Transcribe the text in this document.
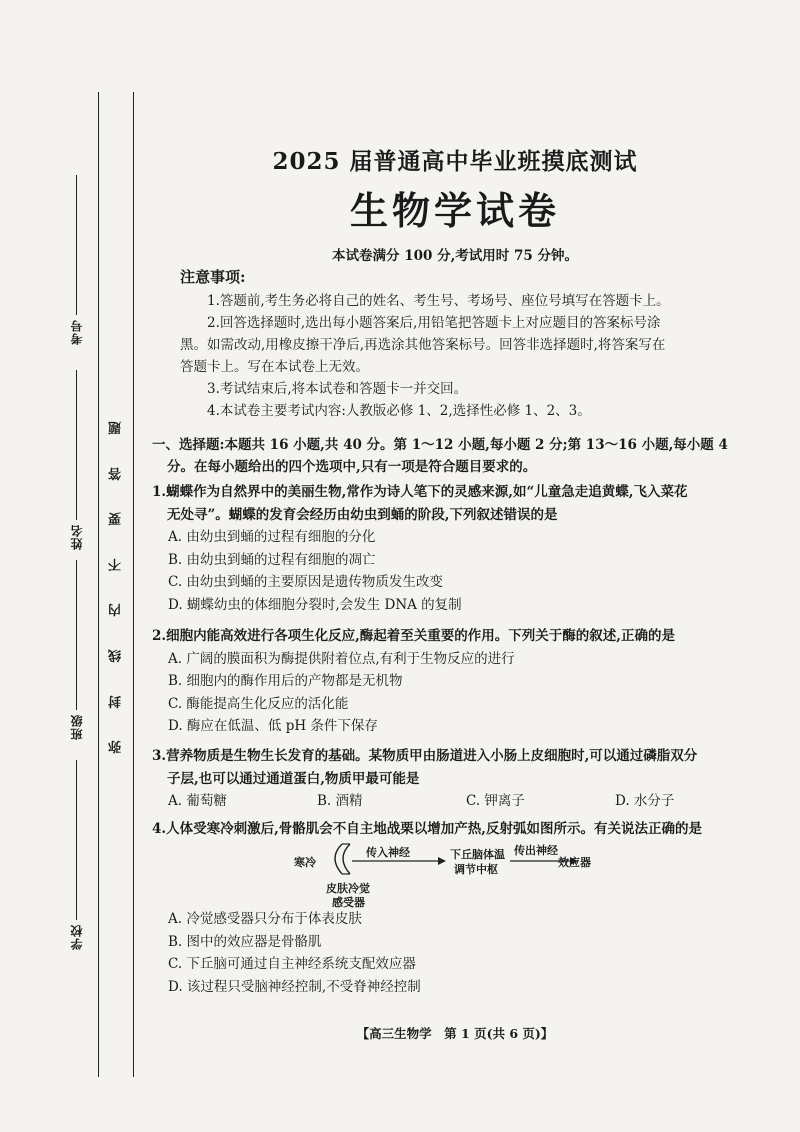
考号
姓名
班级
学校
题
答
要
不
内
线
封
弥
2025 届普通高中毕业班摸底测试
生物学试卷
本试卷满分 100 分,考试用时 75 分钟。
注意事项:

1.答题前,考生务必将自己的姓名、考生号、考场号、座位号填写在答题卡上。

2.回答选择题时,选出每小题答案后,用铅笔把答题卡上对应题目的答案标号涂

黑。如需改动,用橡皮擦干净后,再选涂其他答案标号。回答非选择题时,将答案写在

答题卡上。写在本试卷上无效。

3.考试结束后,将本试卷和答题卡一并交回。

4.本试卷主要考试内容:人教版必修 1、2,选择性必修 1、2、3。

一、选择题:本题共 16 小题,共 40 分。第 1～12 小题,每小题 2 分;第 13～16 小题,每小题 4
分。在每小题给出的四个选项中,只有一项是符合题目要求的。

1.蝴蝶作为自然界中的美丽生物,常作为诗人笔下的灵感来源,如“儿童急走追黄蝶,飞入菜花
无处寻”。蝴蝶的发育会经历由幼虫到蛹的阶段,下列叙述错误的是

A. 由幼虫到蛹的过程有细胞的分化

B. 由幼虫到蛹的过程有细胞的凋亡

C. 由幼虫到蛹的主要原因是遗传物质发生改变

D. 蝴蝶幼虫的体细胞分裂时,会发生 DNA 的复制

2.细胞内能高效进行各项生化反应,酶起着至关重要的作用。下列关于酶的叙述,正确的是

A. 广阔的膜面积为酶提供附着位点,有利于生物反应的进行

B. 细胞内的酶作用后的产物都是无机物

C. 酶能提高生化反应的活化能

D. 酶应在低温、低 pH 条件下保存

3.营养物质是生物生长发育的基础。某物质甲由肠道进入小肠上皮细胞时,可以通过磷脂双分
子层,也可以通过通道蛋白,物质甲最可能是

A. 葡萄糖	B. 酒精	C. 钾离子	D. 水分子

4.人体受寒冷刺激后,骨骼肌会不自主地战栗以增加产热,反射弧如图所示。有关说法正确的是

寒冷
传入神经	下丘脑体温
调节中枢
传出神经
效应器
皮肤冷觉
感受器

A. 冷觉感受器只分布于体表皮肤

B. 图中的效应器是骨骼肌

C. 下丘脑可通过自主神经系统支配效应器

D. 该过程只受脑神经控制,不受脊神经控制

【高三生物学　第 1 页(共 6 页)】
